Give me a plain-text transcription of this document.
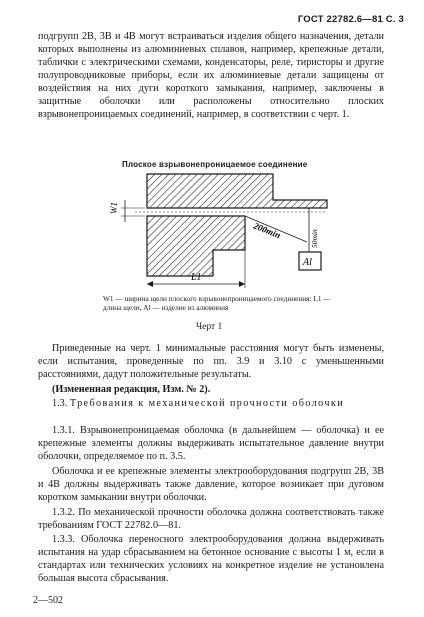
ГОСТ 22782.6—81 С. 3

подгрупп 2В, 3В и 4В могут встраиваться изделия общего назначения, детали которых выполнены из алюминиевых сплавов, например, крепежные детали, таблички с электрическими схемами, конденсаторы, реле, тиристоры и другие полупроводниковые приборы, если их алюминиевые детали защищены от воздействия на них дуги короткого замыкания, например, заключены в защитные оболочки или расположены относительно плоских взрывонепроницаемых соединений, например, в соответствии с черт. 1.

Плоское взрывонепроницаемое соединение
W1
200min	50min
Al
L1
W1 — ширина щели плоского взрывонепроницаемого соединения; L1 — длина щели, Al — изделие из алюминия
Черт 1

Приведенные на черт. 1 минимальные расстояния могут быть изменены, если испытания, проведенные по пп. 3.9 и 3.10 с уменьшенными расстояниями, дадут положительные результаты.

(Измененная редакция, Изм. № 2).

1.3. Требования к механической прочности оболочки

1.3.1. Взрывонепроницаемая оболочка (в дальнейшем — оболочка) и ее крепежные элементы должны выдерживать испытательное давление внутри оболочки, определяемое по п. 3.5.

Оболочка и ее крепежные элементы электрооборудования подгрупп 2В, 3В и 4В должны выдерживать также давление, которое возникает при дуговом коротком замыкании внутри оболочки.

1.3.2. По механической прочности оболочка должна соответствовать также требованиям ГОСТ 22782.0—81.

1.3.3. Оболочка переносного электрооборудования должна выдерживать испытания на удар сбрасыванием на бетонное основание с высоты 1 м, если в стандартах или технических условиях на конкретное изделие не установлена большая высота сбрасывания.

2—502
